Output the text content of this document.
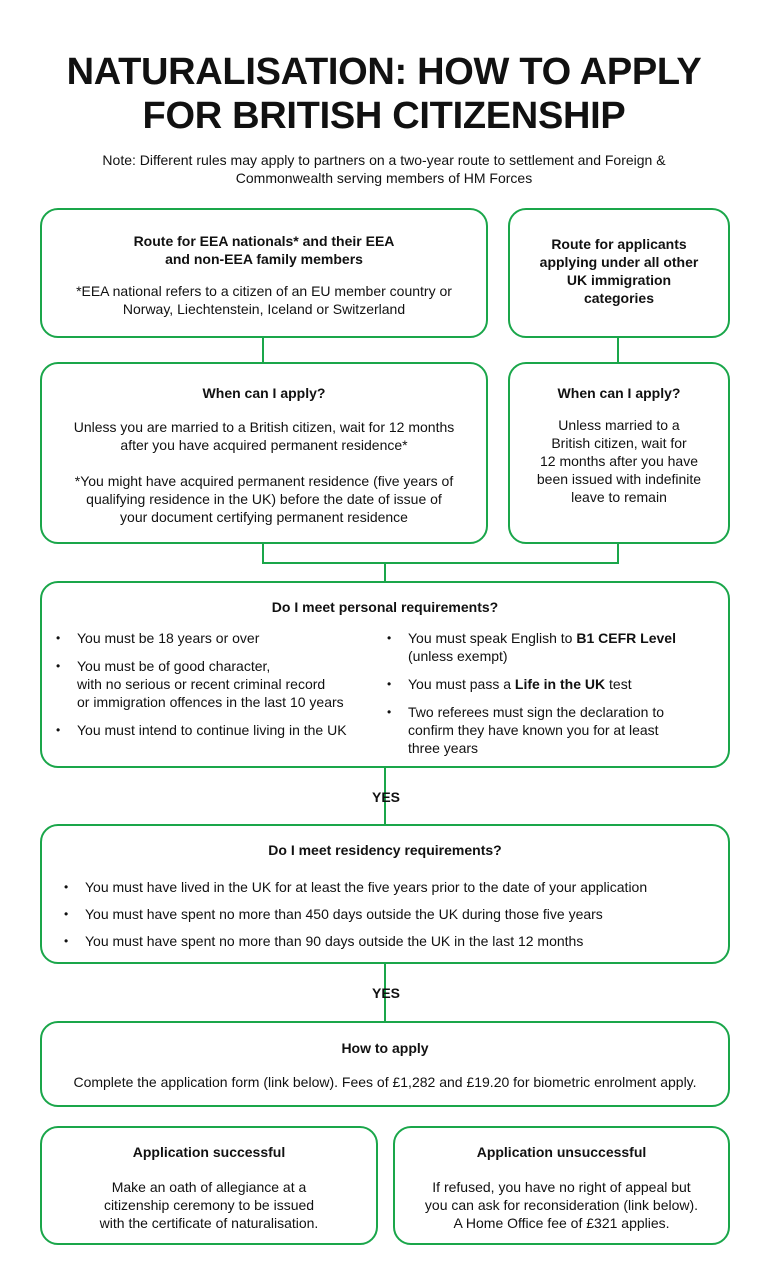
NATURALISATION: HOW TO APPLY
FOR BRITISH CITIZENSHIP
Note: Different rules may apply to partners on a two-year route to settlement and Foreign & Commonwealth serving members of HM Forces
Route for EEA nationals* and their EEA
and non-EEA family members
*EEA national refers to a citizen of an EU member country or
Norway, Liechtenstein, Iceland or Switzerland
Route for applicants
applying under all other
UK immigration
categories
When can I apply?
Unless you are married to a British citizen, wait for 12 months
after you have acquired permanent residence*
*You might have acquired permanent residence (five years of
qualifying residence in the UK) before the date of issue of
your document certifying permanent residence
When can I apply?
Unless married to a
British citizen, wait for
12 months after you have
been issued with indefinite
leave to remain
Do I meet personal requirements?
• You must be 18 years or over
• You must be of good character,
with no serious or recent criminal record
or immigration offences in the last 10 years
• You must intend to continue living in the UK
• You must speak English to B1 CEFR Level
(unless exempt)
• You must pass a Life in the UK test
• Two referees must sign the declaration to
confirm they have known you for at least
three years
YES
Do I meet residency requirements?
• You must have lived in the UK for at least the five years prior to the date of your application
• You must have spent no more than 450 days outside the UK during those five years
• You must have spent no more than 90 days outside the UK in the last 12 months
YES
How to apply
Complete the application form (link below). Fees of £1,282 and £19.20 for biometric enrolment apply.
Application successful
Make an oath of allegiance at a
citizenship ceremony to be issued
with the certificate of naturalisation.
Application unsuccessful
If refused, you have no right of appeal but
you can ask for reconsideration (link below).
A Home Office fee of £321 applies.
